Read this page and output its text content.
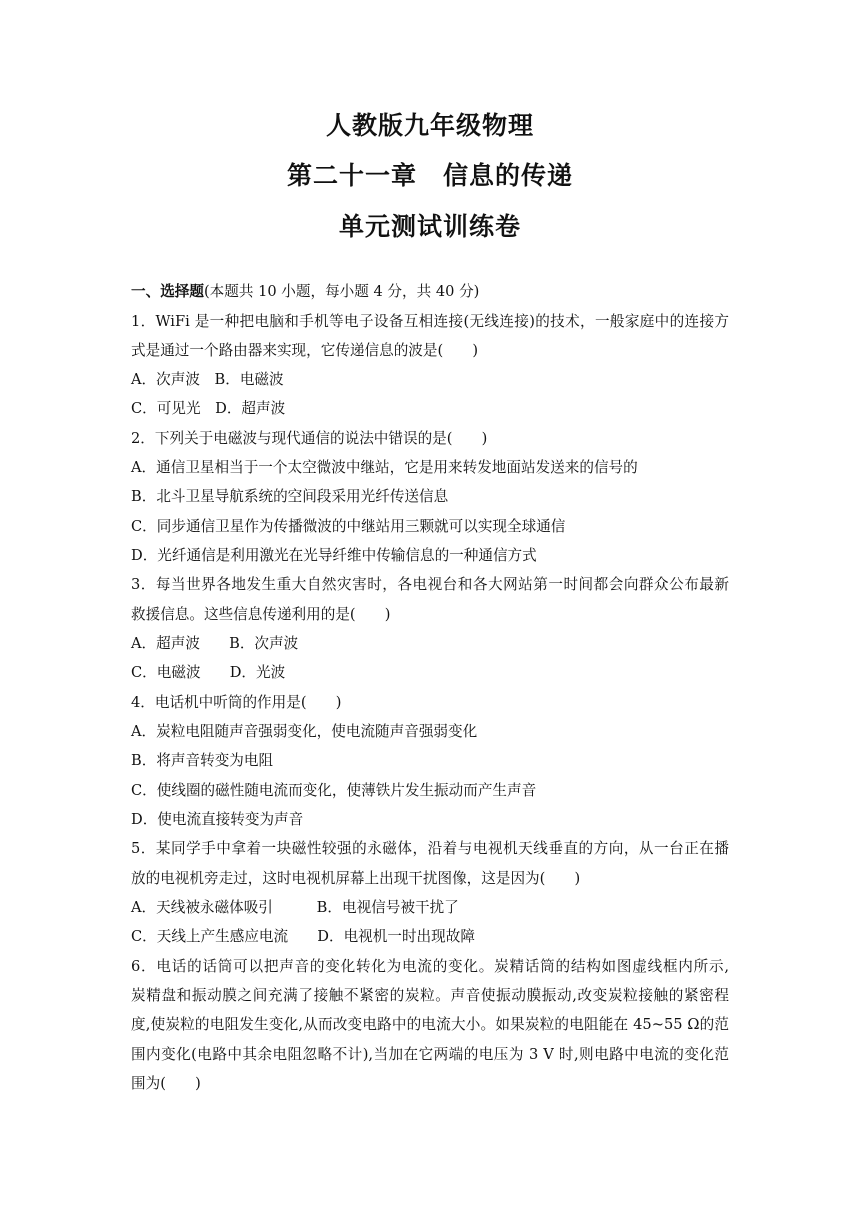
人教版九年级物理
第二十一章　信息的传递
单元测试训练卷
一、选择题(本题共 10 小题，每小题 4 分，共 40 分)
1．WiFi 是一种把电脑和手机等电子设备互相连接(无线连接)的技术，一般家庭中的连接方
式是通过一个路由器来实现，它传递信息的波是(　　)
A．次声波　B．电磁波
C．可见光　D．超声波
2．下列关于电磁波与现代通信的说法中错误的是(　　)
A．通信卫星相当于一个太空微波中继站，它是用来转发地面站发送来的信号的
B．北斗卫星导航系统的空间段采用光纤传送信息
C．同步通信卫星作为传播微波的中继站用三颗就可以实现全球通信
D．光纤通信是利用激光在光导纤维中传输信息的一种通信方式
3．每当世界各地发生重大自然灾害时，各电视台和各大网站第一时间都会向群众公布最新
救援信息。这些信息传递利用的是(　　)
A．超声波　　B．次声波
C．电磁波　　D．光波
4．电话机中听筒的作用是(　　)
A．炭粒电阻随声音强弱变化，使电流随声音强弱变化
B．将声音转变为电阻
C．使线圈的磁性随电流而变化，使薄铁片发生振动而产生声音
D．使电流直接转变为声音
5．某同学手中拿着一块磁性较强的永磁体，沿着与电视机天线垂直的方向，从一台正在播
放的电视机旁走过，这时电视机屏幕上出现干扰图像，这是因为(　　)
A．天线被永磁体吸引　　　B．电视信号被干扰了
C．天线上产生感应电流　　D．电视机一时出现故障
6．电话的话筒可以把声音的变化转化为电流的变化。炭精话筒的结构如图虚线框内所示,
炭精盘和振动膜之间充满了接触不紧密的炭粒。声音使振动膜振动,改变炭粒接触的紧密程
度,使炭粒的电阻发生变化,从而改变电路中的电流大小。如果炭粒的电阻能在 45~55 Ω的范
围内变化(电路中其余电阻忽略不计),当加在它两端的电压为 3 V 时,则电路中电流的变化范
围为(　　)
